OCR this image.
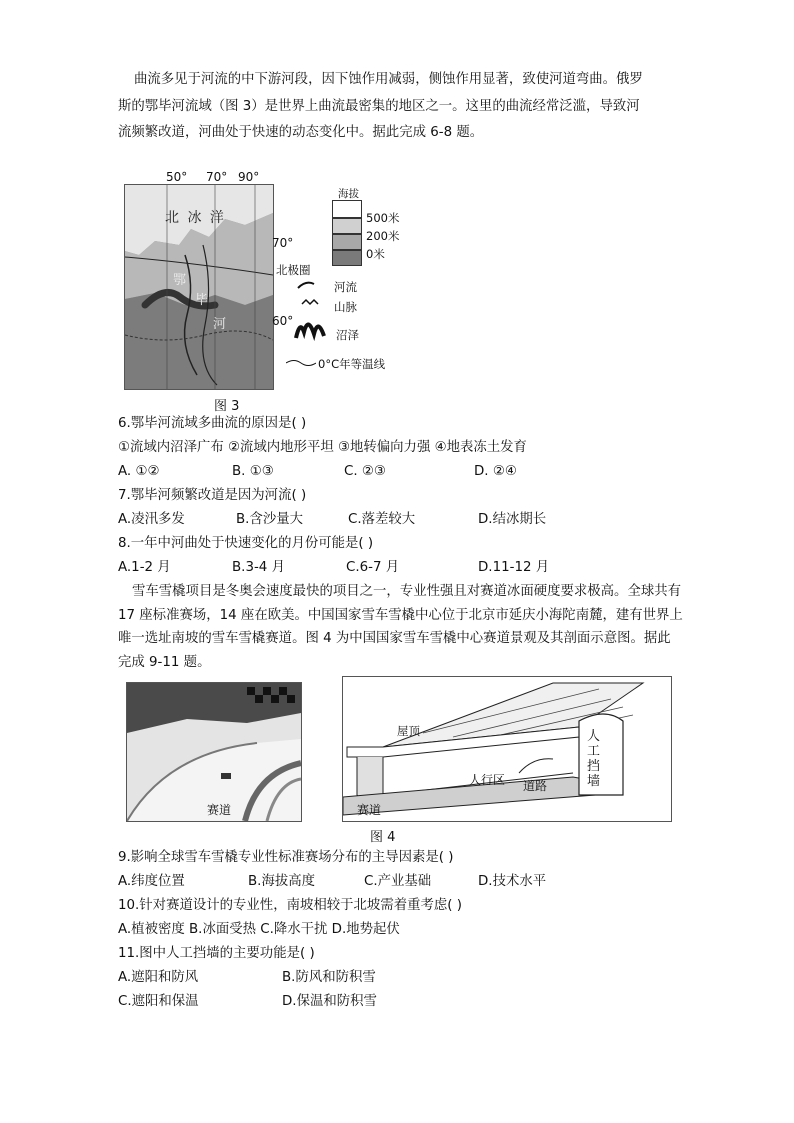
曲流多见于河流的中下游河段，因下蚀作用减弱，侧蚀作用显著，致使河道弯曲。俄罗
斯的鄂毕河流域（图 3）是世界上曲流最密集的地区之一。这里的曲流经常泛滥，导致河
流频繁改道，河曲处于快速的动态变化中。据此完成 6-8 题。
北 冰 洋
鄂
毕
河
50° 70° 90°
70°
60°
北极圈
海拔
500米
200米
0米
河流
山脉
沼泽
0°C年等温线
图 3
6.鄂毕河流域多曲流的原因是( )
①流域内沼泽广布 ②流域内地形平坦 ③地转偏向力强 ④地表冻土发育
A. ①②	B. ①③	C. ②③	D. ②④
7.鄂毕河频繁改道是因为河流( )
A.凌汛多发	B.含沙量大	C.落差较大	D.结冰期长
8.一年中河曲处于快速变化的月份可能是( )
A.1-2 月	B.3-4 月	C.6-7 月	D.11-12 月
雪车雪橇项目是冬奥会速度最快的项目之一，专业性强且对赛道冰面硬度要求极高。全球共有 17 座标准赛场，14 座在欧美。中国国家雪车雪橇中心位于北京市延庆小海陀南麓，建有世界上唯一选址南坡的雪车雪橇赛道。图 4 为中国国家雪车雪橇中心赛道景观及其剖面示意图。据此完成 9-11 题。
赛道
屋顶
人行区 道路
赛道
人工挡墙
图 4
9.影响全球雪车雪橇专业性标准赛场分布的主导因素是( )
A.纬度位置	B.海拔高度	C.产业基础	D.技术水平
10.针对赛道设计的专业性，南坡相较于北坡需着重考虑( )
A.植被密度 B.冰面受热 C.降水干扰 D.地势起伏
11.图中人工挡墙的主要功能是( )
A.遮阳和防风	B.防风和防积雪
C.遮阳和保温	D.保温和防积雪
